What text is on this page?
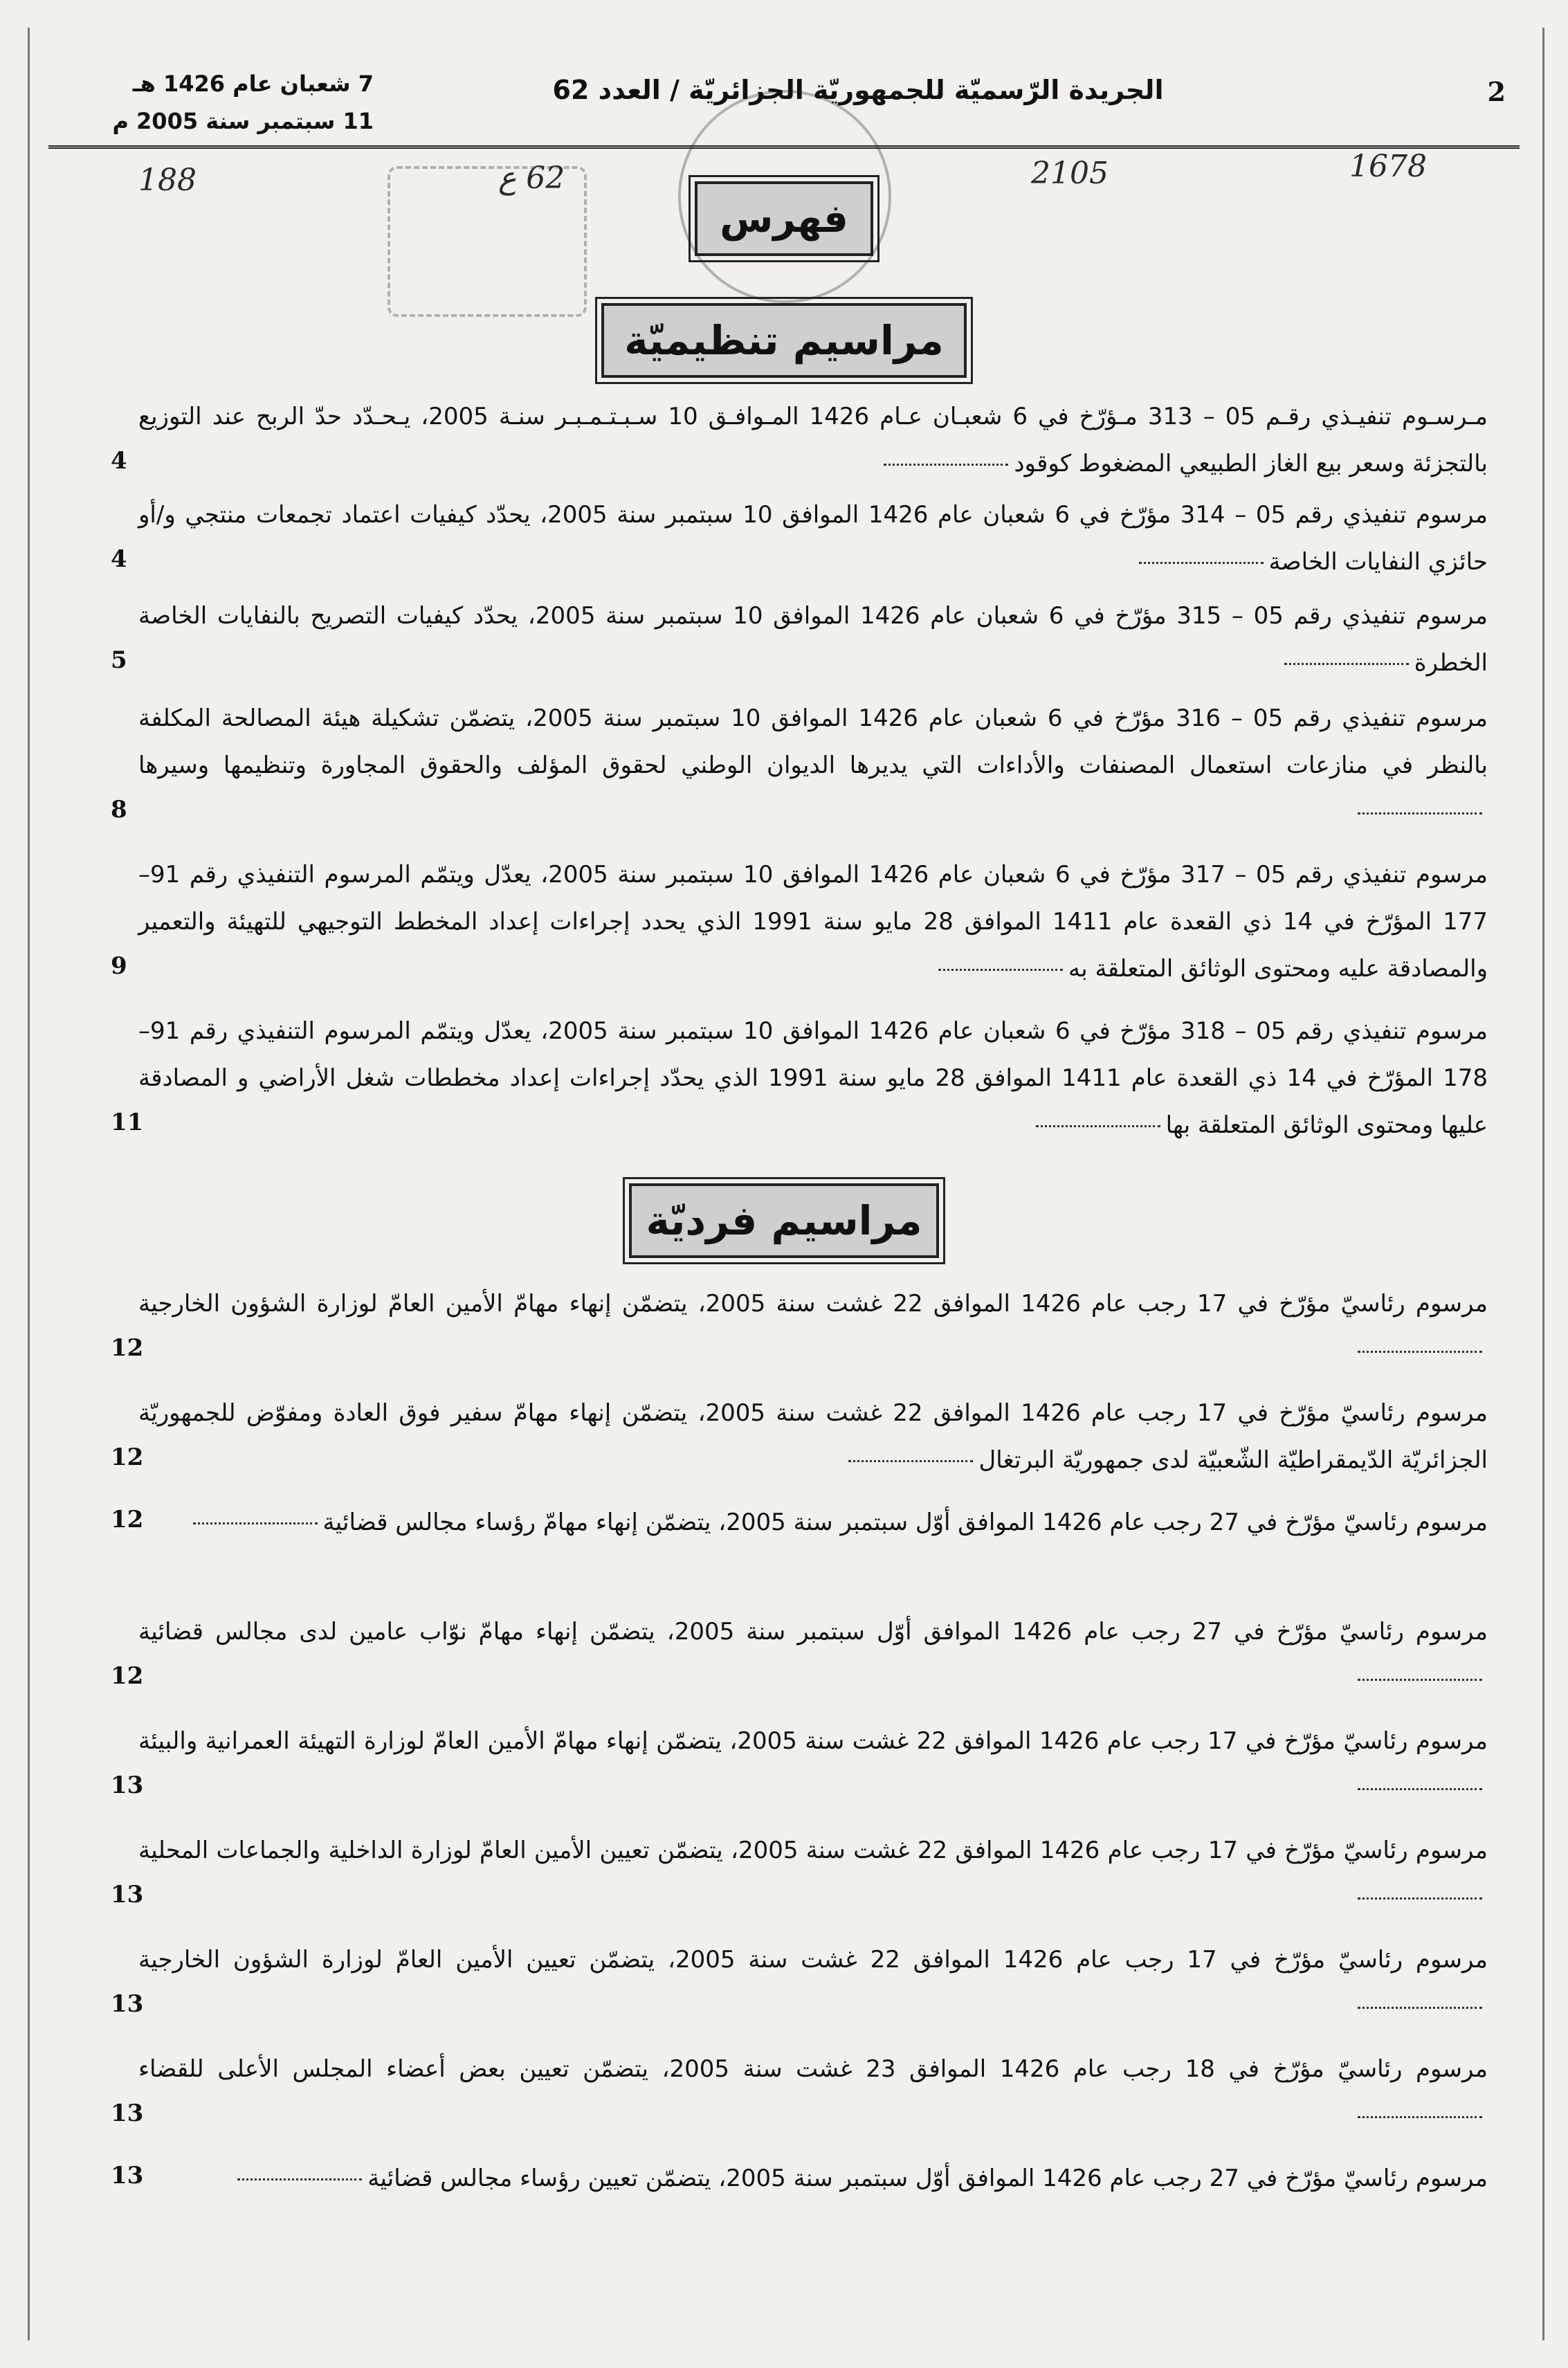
2
الجريدة الرّسميّة للجمهوريّة الجزائريّة / العدد 62
7 شعبان عام 1426 هـ
11 سبتمبر سنة 2005 م
1678
2105
62 ع
188
فهرس
مراسيم تنظيميّة
مـرسـوم تنفيـذي رقـم 05 – 313 مـؤرّخ في 6 شعبـان عـام 1426 المـوافـق 10 سـبـتـمـبـر سنـة 2005، يـحـدّد حدّ الربح عند التوزيع بالتجزئة وسعر بيع الغاز الطبيعي المضغوط كوقود
4
مرسوم تنفيذي رقم 05 – 314 مؤرّخ في 6 شعبان عام 1426 الموافق 10 سبتمبر سنة 2005، يحدّد كيفيات اعتماد تجمعات منتجي و/أو حائزي النفايات الخاصة
4
مرسوم تنفيذي رقم 05 – 315 مؤرّخ في 6 شعبان عام 1426 الموافق 10 سبتمبر سنة 2005، يحدّد كيفيات التصريح بالنفايات الخاصة الخطرة
5
مرسوم تنفيذي رقم 05 – 316 مؤرّخ في 6 شعبان عام 1426 الموافق 10 سبتمبر سنة 2005، يتضمّن تشكيلة هيئة المصالحة المكلفة بالنظر في منازعات استعمال المصنفات والأداءات التي يديرها الديوان الوطني لحقوق المؤلف والحقوق المجاورة وتنظيمها وسيرها
8
مرسوم تنفيذي رقم 05 – 317 مؤرّخ في 6 شعبان عام 1426 الموافق 10 سبتمبر سنة 2005، يعدّل ويتمّم المرسوم التنفيذي رقم 91–177 المؤرّخ في 14 ذي القعدة عام 1411 الموافق 28 مايو سنة 1991 الذي يحدد إجراءات إعداد المخطط التوجيهي للتهيئة والتعمير والمصادقة عليه ومحتوى الوثائق المتعلقة به
9
مرسوم تنفيذي رقم 05 – 318 مؤرّخ في 6 شعبان عام 1426 الموافق 10 سبتمبر سنة 2005، يعدّل ويتمّم المرسوم التنفيذي رقم 91–178 المؤرّخ في 14 ذي القعدة عام 1411 الموافق 28 مايو سنة 1991 الذي يحدّد إجراءات إعداد مخططات شغل الأراضي و المصادقة عليها ومحتوى الوثائق المتعلقة بها
11
مراسيم فرديّة
مرسوم رئاسيّ مؤرّخ في 17 رجب عام 1426 الموافق 22 غشت سنة 2005، يتضمّن إنهاء مهامّ الأمين العامّ لوزارة الشؤون الخارجية
12
مرسوم رئاسيّ مؤرّخ في 17 رجب عام 1426 الموافق 22 غشت سنة 2005، يتضمّن إنهاء مهامّ سفير فوق العادة ومفوّض للجمهوريّة الجزائريّة الدّيمقراطيّة الشّعبيّة لدى جمهوريّة البرتغال
12
مرسوم رئاسيّ مؤرّخ في 27 رجب عام 1426 الموافق أوّل سبتمبر سنة 2005، يتضمّن إنهاء مهامّ رؤساء مجالس قضائية
12
مرسوم رئاسيّ مؤرّخ في 27 رجب عام 1426 الموافق أوّل سبتمبر سنة 2005، يتضمّن إنهاء مهامّ نوّاب عامين لدى مجالس قضائية
12
مرسوم رئاسيّ مؤرّخ في 17 رجب عام 1426 الموافق 22 غشت سنة 2005، يتضمّن إنهاء مهامّ الأمين العامّ لوزارة التهيئة العمرانية والبيئة
13
مرسوم رئاسيّ مؤرّخ في 17 رجب عام 1426 الموافق 22 غشت سنة 2005، يتضمّن تعيين الأمين العامّ لوزارة الداخلية والجماعات المحلية
13
مرسوم رئاسيّ مؤرّخ في 17 رجب عام 1426 الموافق 22 غشت سنة 2005، يتضمّن تعيين الأمين العامّ لوزارة الشؤون الخارجية
13
مرسوم رئاسيّ مؤرّخ في 18 رجب عام 1426 الموافق 23 غشت سنة 2005، يتضمّن تعيين بعض أعضاء المجلس الأعلى للقضاء
13
مرسوم رئاسيّ مؤرّخ في 27 رجب عام 1426 الموافق أوّل سبتمبر سنة 2005، يتضمّن تعيين رؤساء مجالس قضائية
13
